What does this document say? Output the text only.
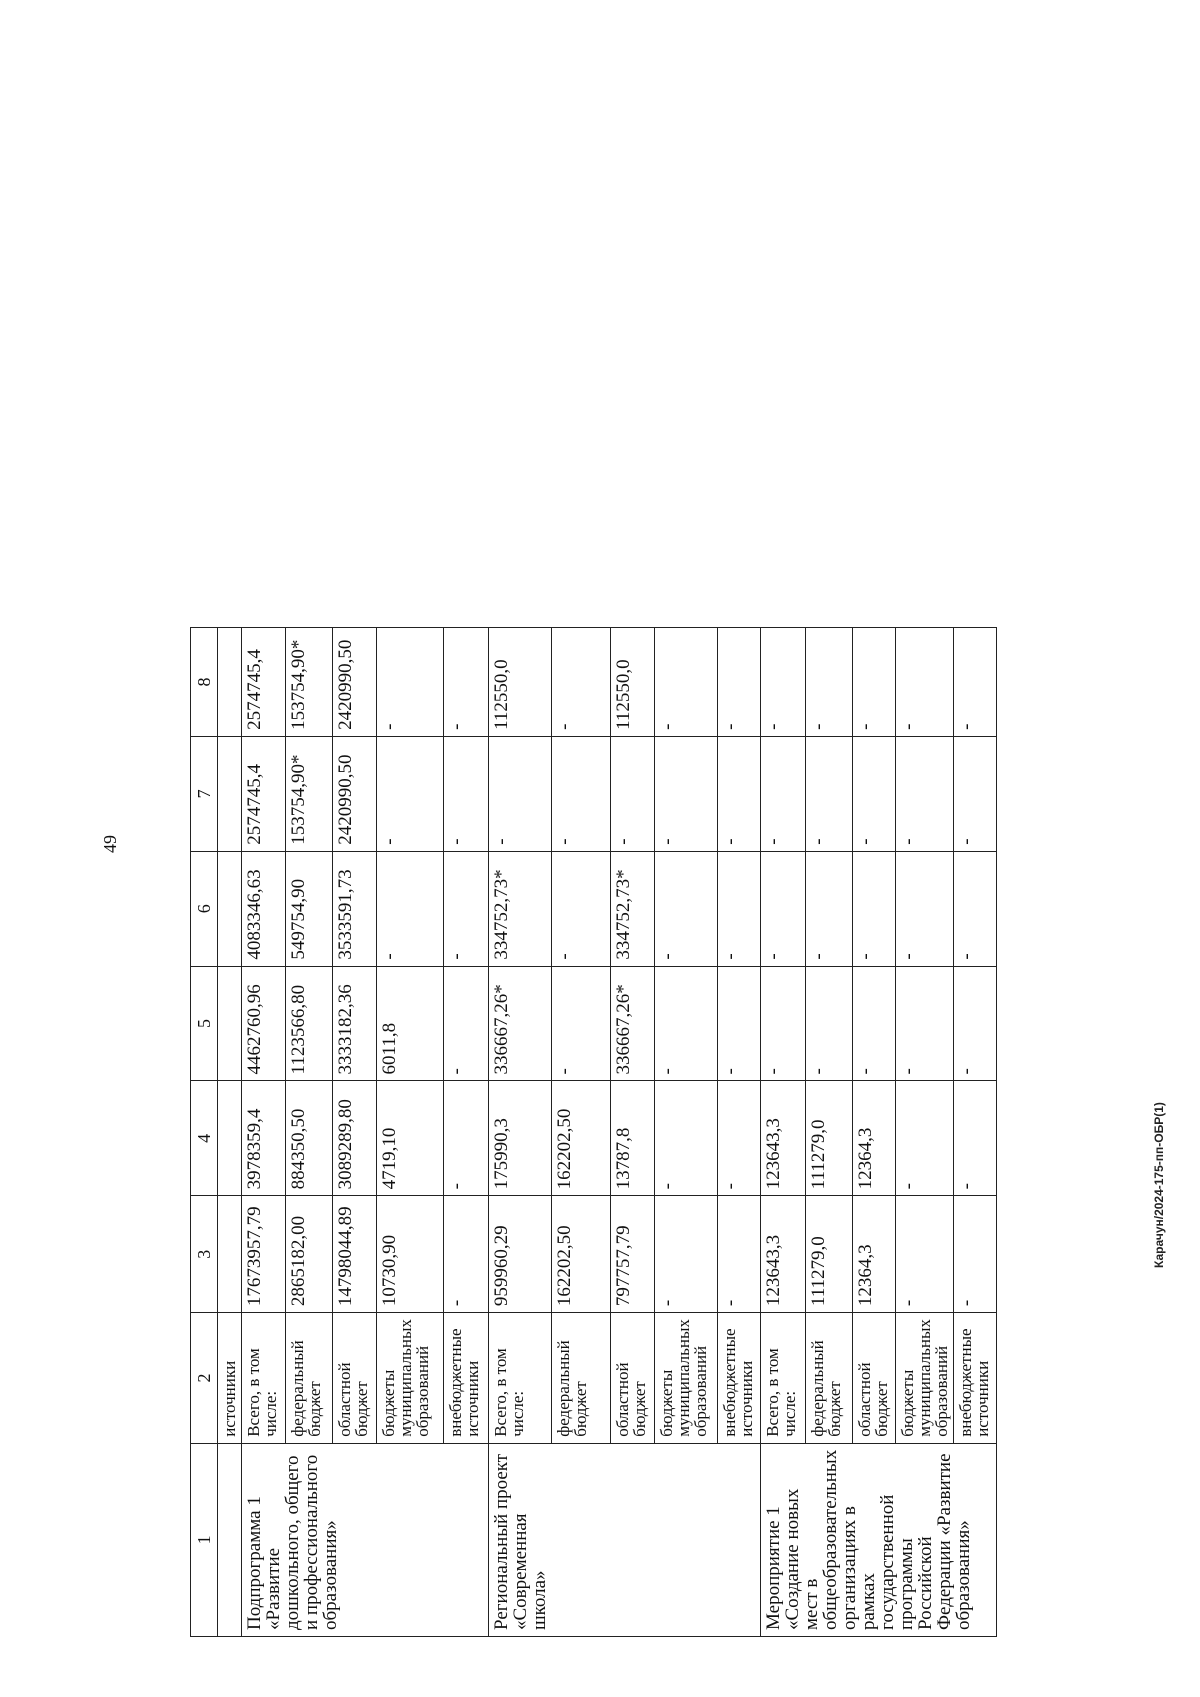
49
Карачун/2024-175-пп-ОБР(1)
1	2	3	4	5	6	7	8
	источники						
Подпрограмма 1 «Развитие дошкольного, общего и профессионального образования»	Всего, в том числе:	17673957,79	3978359,4	4462760,96	4083346,63	2574745,4	2574745,4
	федеральный бюджет	2865182,00	884350,50	1123566,80	549754,90	153754,90*	153754,90*
	областной бюджет	14798044,89	3089289,80	3333182,36	3533591,73	2420990,50	2420990,50
	бюджеты муниципальных образований	10730,90	4719,10	6011,8	-	-	-
	внебюджетные источники	-	-	-	-	-	-
Региональный проект «Современная школа»	Всего, в том числе:	959960,29	175990,3	336667,26*	334752,73*	-	112550,0
	федеральный бюджет	162202,50	162202,50	-	-	-	-
	областной бюджет	797757,79	13787,8	336667,26*	334752,73*	-	112550,0
	бюджеты муниципальных образований	-	-	-	-	-	-
	внебюджетные источники	-	-	-	-	-	-
Мероприятие 1 «Создание новых мест в общеобразовательных организациях в рамках государственной программы Российской Федерации «Развитие образования»	Всего, в том числе:	123643,3	123643,3	-	-	-	-
	федеральный бюджет	111279,0	111279,0	-	-	-	-
	областной бюджет	12364,3	12364,3	-	-	-	-
	бюджеты муниципальных образований	-	-	-	-	-	-
	внебюджетные источники	-	-	-	-	-	-
